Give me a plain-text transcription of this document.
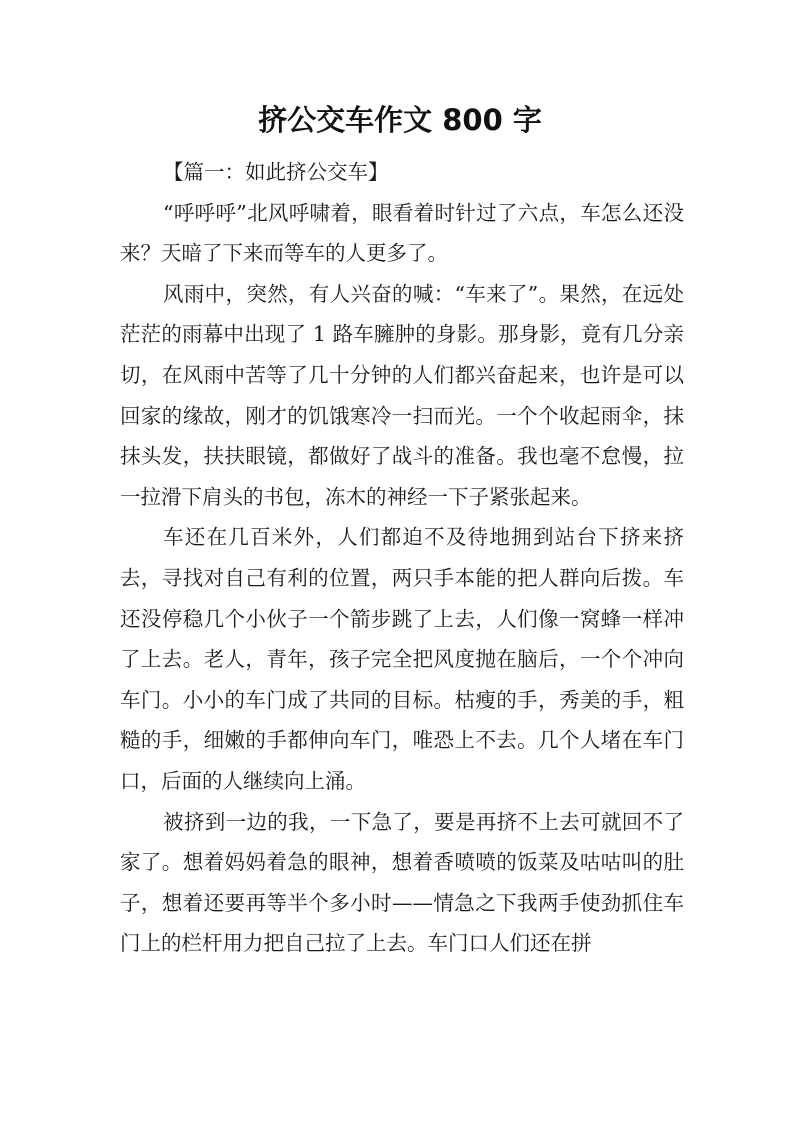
挤公交车作文 800 字

【篇一：如此挤公交车】

“呼呼呼”北风呼啸着，眼看着时针过了六点，车怎么还没来？天暗了下来而等车的人更多了。

风雨中，突然，有人兴奋的喊：“车来了”。果然，在远处茫茫的雨幕中出现了 1 路车臃肿的身影。那身影，竟有几分亲切，在风雨中苦等了几十分钟的人们都兴奋起来，也许是可以回家的缘故，刚才的饥饿寒冷一扫而光。一个个收起雨伞，抹抹头发，扶扶眼镜，都做好了战斗的准备。我也毫不怠慢，拉一拉滑下肩头的书包，冻木的神经一下子紧张起来。

车还在几百米外，人们都迫不及待地拥到站台下挤来挤去，寻找对自己有利的位置，两只手本能的把人群向后拨。车还没停稳几个小伙子一个箭步跳了上去，人们像一窝蜂一样冲了上去。老人，青年，孩子完全把风度抛在脑后，一个个冲向车门。小小的车门成了共同的目标。枯瘦的手，秀美的手，粗糙的手，细嫩的手都伸向车门，唯恐上不去。几个人堵在车门口，后面的人继续向上涌。

被挤到一边的我，一下急了，要是再挤不上去可就回不了家了。想着妈妈着急的眼神，想着香喷喷的饭菜及咕咕叫的肚子，想着还要再等半个多小时——情急之下我两手使劲抓住车门上的栏杆用力把自己拉了上去。车门口人们还在拼
